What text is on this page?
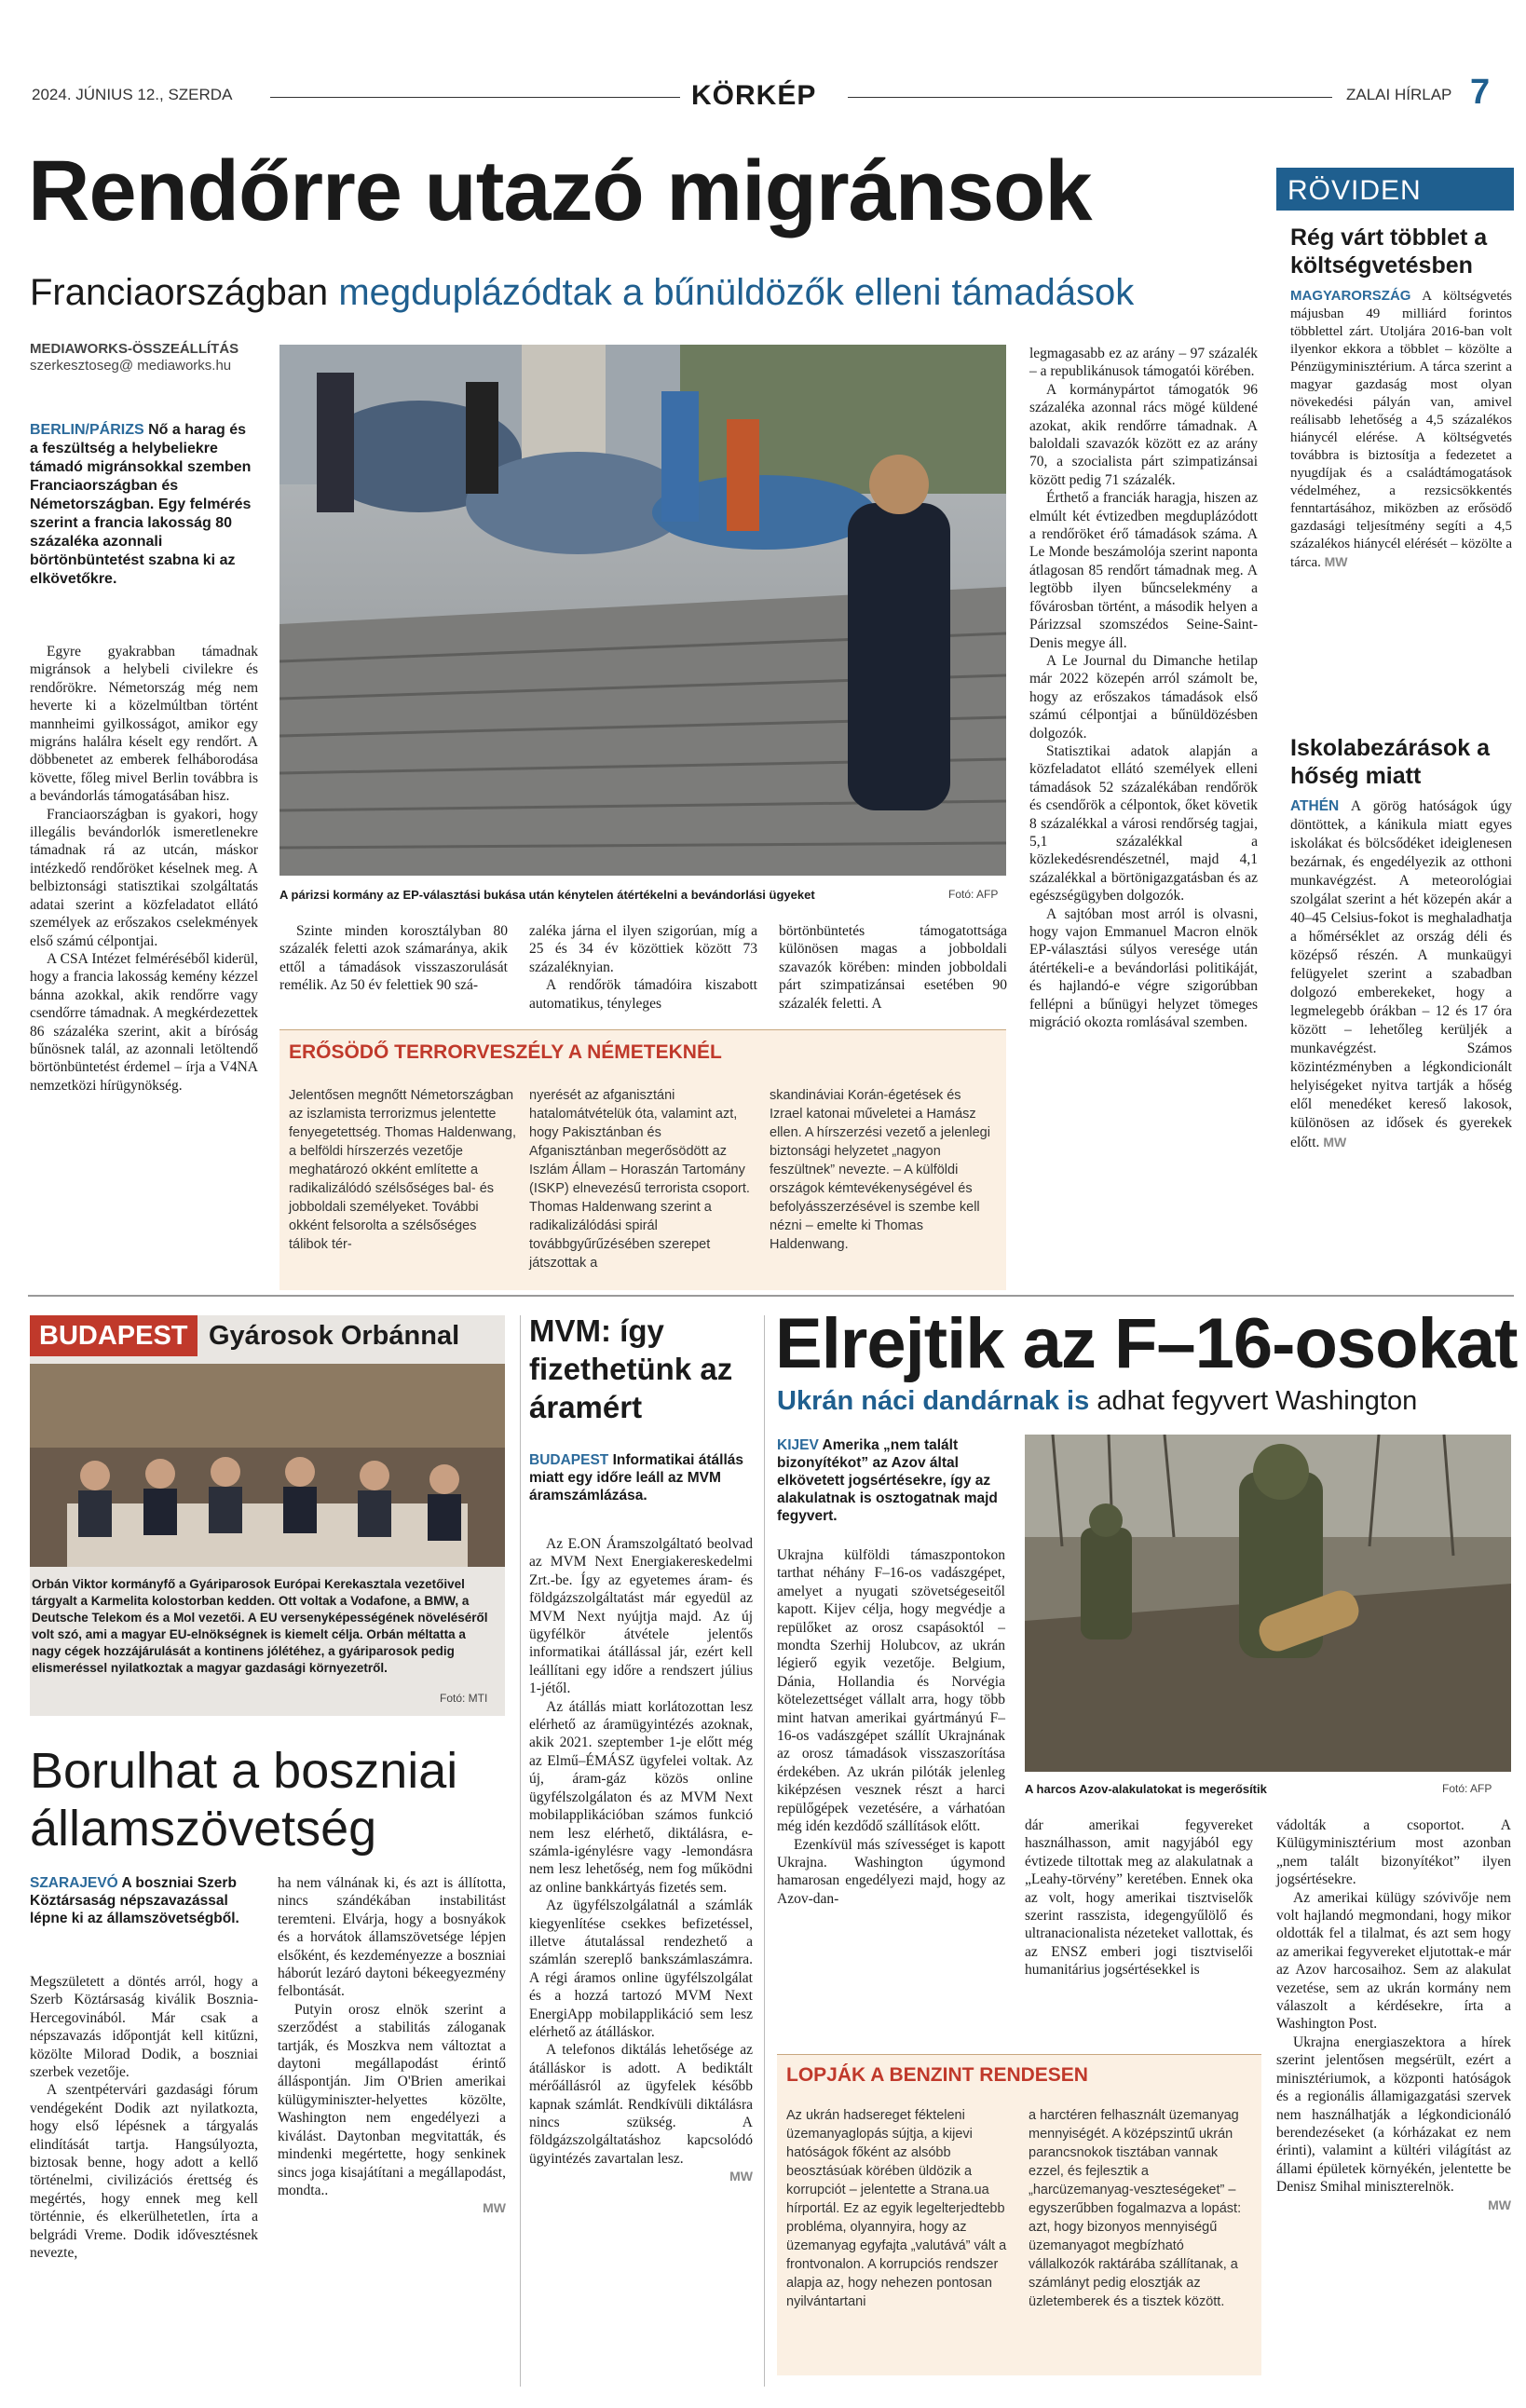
2024. JÚNIUS 12., SZERDA	KÖRKÉP	ZALAI HÍRLAP 7
Rendőrre utazó migránsok
Franciaországban megduplázódtak a bűnüldözők elleni támadások
MEDIAWORKS-ÖSSZEÁLLÍTÁS
szerkesztoseg@ mediaworks.hu
BERLIN/PÁRIZS Nő a harag és a feszültség a helybeliekre támadó migránsokkal szemben Franciaországban és Németországban. Egy felmérés szerint a francia lakosság 80 százaléka azonnali börtönbüntetést szabna ki az elkövetőkre.

Egyre gyakrabban támadnak migránsok a helybeli civilekre és rendőrökre. Németország még nem heverte ki a közelmúltban történt mannheimi gyilkosságot, amikor egy migráns halálra késelt egy rendőrt. A döbbenetet az emberek felháborodása követte, főleg mivel Berlin továbbra is a bevándorlás támogatásában hisz.

Franciaországban is gyakori, hogy illegális bevándorlók ismeretlenekre támadnak rá az utcán, máskor intézkedő rendőröket késelnek meg. A belbiztonsági statisztikai szolgáltatás adatai szerint a közfeladatot ellátó személyek az erőszakos cselekmények első számú célpontjai.

A CSA Intézet felméréséből kiderül, hogy a francia lakosság kemény kézzel bánna azokkal, akik rendőrre vagy csendőrre támadnak. A megkérdezettek 86 százaléka szerint, akit a bíróság bűnösnek talál, az azonnali letöltendő börtönbüntetést érdemel – írja a V4NA nemzetközi hírügynökség.

A párizsi kormány az EP-választási bukása után kénytelen átértékelni a bevándorlási ügyeket	Fotó: AFP

Szinte minden korosztályban 80 százalék feletti azok számaránya, akik ettől a támadások visszaszorulását remélik. Az 50 év felettiek 90 szá-

zaléka járna el ilyen szigorúan, míg a 25 és 34 év közöttiek között 73 százaléknyian.

A rendőrök támadóira kiszabott automatikus, tényleges

börtönbüntetés támogatottsága különösen magas a jobboldali szavazók körében: minden jobboldali párt szimpatizánsai esetében 90 százalék feletti. A

ERŐSÖDŐ TERRORVESZÉLY A NÉMETEKNÉL
Jelentősen megnőtt Németországban az iszlamista terrorizmus jelentette fenyegetettség. Thomas Haldenwang, a belföldi hírszerzés vezetője meghatározó okként említette a radikalizálódó szélsőséges bal- és jobboldali személyeket. További okként felsorolta a szélsőséges tálibok tér-
nyerését az afganisztáni hatalomátvételük óta, valamint azt, hogy Pakisztánban és Afganisztánban megerősödött az Iszlám Állam – Horaszán Tartomány (ISKP) elnevezésű terrorista csoport. Thomas Haldenwang szerint a radikalizálódási spirál továbbgyűrűzésében szerepet játszottak a
skandináviai Korán-égetések és Izrael katonai műveletei a Hamász ellen. A hírszerzési vezető a jelenlegi biztonsági helyzetet „nagyon feszültnek” nevezte. – A külföldi országok kémtevékenységével és befolyásszerzésével is szembe kell nézni – emelte ki Thomas Haldenwang.

legmagasabb ez az arány – 97 százalék – a republikánusok támogatói körében.

A kormánypártot támogatók 96 százaléka azonnal rács mögé küldené azokat, akik rendőrre támadnak. A baloldali szavazók között ez az arány 70, a szocialista párt szimpatizánsai között pedig 71 százalék.

Érthető a franciák haragja, hiszen az elmúlt két évtizedben megduplázódott a rendőröket érő támadások száma. A Le Monde beszámolója szerint naponta átlagosan 85 rendőrt támadnak meg. A legtöbb ilyen bűncselekmény a fővárosban történt, a második helyen a Párizzsal szomszédos Seine-Saint-Denis megye áll.

A Le Journal du Dimanche hetilap már 2022 közepén arról számolt be, hogy az erőszakos támadások első számú célpontjai a bűnüldözésben dolgozók.

Statisztikai adatok alapján a közfeladatot ellátó személyek elleni támadások 52 százalékában rendőrök és csendőrök a célpontok, őket követik 8 százalékkal a városi rendőrség tagjai, 5,1 százalékkal a közlekedésrendészetnél, majd 4,1 százalékkal a börtönigazgatásban és az egészségügyben dolgozók.

A sajtóban most arról is olvasni, hogy vajon Emmanuel Macron elnök EP-választási súlyos vereségе után átértékeli-e a bevándorlási politikáját, és hajlandó-e végre szigorúbban fellépni a bűnügyi helyzet tömeges migráció okozta romlásával szemben.

RÖVIDEN
Rég várt többlet a költségvetésben
MAGYARORSZÁG A költségvetés májusban 49 milliárd forintos többlettel zárt. Utoljára 2016-ban volt ilyenkor ekkora a többlet – közölte a Pénzügyminisztérium. A tárca szerint a magyar gazdaság most olyan növekedési pályán van, amivel reálisabb lehetőség a 4,5 százalékos hiánycél elérése. A költségvetés továbbra is biztosítja a fedezetet a nyugdíjak és a családtámogatások védelméhez, a rezsicsökkentés fenntartásához, miközben az erősödő gazdasági teljesítmény segíti a 4,5 százalékos hiánycél elérését – közölte a tárca. MW
Iskolabezárások a hőség miatt
ATHÉN A görög hatóságok úgy döntöttek, a kánikula miatt egyes iskolákat és bölcsődéket ideiglenesen bezárnak, és engedélyezik az otthoni munkavégzést. A meteorológiai szolgálat szerint a hét közepén akár a 40–45 Celsius-fokot is meghaladhatja a hőmérséklet az ország déli és középső részén. A munkaügyi felügyelet szerint a szabadban dolgozó emberekeket, hogy a legmelegebb órákban – 12 és 17 óra között – lehetőleg kerüljék a munkavégzést. Számos közintézményben a légkondicionált helyiségeket nyitva tartják a hőség elől menedéket kereső lakosok, különösen az idősek és gyerekek előtt. MW
BUDAPEST Gyárosok Orbánnal
Orbán Viktor kormányfő a Gyáriparosok Európai Kerekasztala vezetőivel tárgyalt a Karmelita kolostorban kedden. Ott voltak a Vodafone, a BMW, a Deutsche Telekom és a Mol vezetői. A EU versenyképességének növeléséről volt szó, ami a magyar EU-elnökségnek is kiemelt célja. Orbán méltatta a nagy cégek hozzájárulását a kontinens jólétéhez, a gyáriparosok pedig elismeréssel nyilatkoztak a magyar gazdasági környezetről.
Fotó: MTI
Borulhat a boszniai államszövetség
SZARAJEVÓ A boszniai Szerb Köztársaság népszavazással lépne ki az államszövetségből.

Megszületett a döntés arról, hogy a Szerb Köztársaság kiválik Bosznia-Hercegovinából. Már csak a népszavazás időpontját kell kitűzni, közölte Milorad Dodik, a boszniai szerbek vezetője.

A szentpétervári gazdasági fórum vendégeként Dodik azt nyilatkozta, hogy első lépésnek a tárgyalás elindítását tartja. Hangsúlyozta, biztosak benne, hogy adott a kellő történelmi, civilizációs érettség és megértés, hogy ennek meg kell történnie, és elkerülhetetlen, írta a belgrádi Vreme. Dodik idővesztésnek nevezte,

ha nem válnának ki, és azt is állította, nincs szándékában instabilitást teremteni. Elvárja, hogy a bosnyákok és a horvátok államszövetsége lépjen elsőként, és kezdeményezze a boszniai háborút lezáró daytoni békeegyezmény felbontását.

Putyin orosz elnök szerint a szerződést a stabilitás záloganak tartják, és Moszkva nem változtat a daytoni megállapodást érintő álláspontján. Jim O'Brien amerikai külügyminiszter-helyettes közölte, Washington nem engedélyezi a kiválást. Daytonban megvitatták, és mindenki megértette, hogy senkinek sincs joga kisajátítani a megállapodást, mondta..

MW
MVM: így fizethetünk az áramért
BUDAPEST Informatikai átállás miatt egy időre leáll az MVM áramszámlázása.

Az E.ON Áramszolgáltató beolvad az MVM Next Energiakereskedelmi Zrt.-be. Így az egyetemes áram- és földgázszolgáltatást már egyedül az MVM Next nyújtja majd. Az új ügyfélkör átvétele jelentős informatikai átállással jár, ezért kell leállítani egy időre a rendszert július 1-jétől.

Az átállás miatt korlátozottan lesz elérhető az áramügyintézés azoknak, akik 2021. szeptember 1-je előtt még az Elmű–ÉMÁSZ ügyfelei voltak. Az új, áram-gáz közös online ügyfélszolgálaton és az MVM Next mobilapplikációban számos funkció nem lesz elérhető, diktálásra, e-számla-igénylésre vagy -lemondásra nem lesz lehetőség, nem fog működni az online bankkártyás fizetés sem.

Az ügyfélszolgálatnál a számlák kiegyenlítése csekkes befizetéssel, illetve átutalással rendezhető a számlán szereplő bankszámlaszámra. A régi áramos online ügyfélszolgálat és a hozzá tartozó MVM Next EnergiApp mobilapplikáció sem lesz elérhető az átálláskor.

A telefonos diktálás lehetősége az átálláskor is adott. A bediktált mérőállásról az ügyfelek később kapnak számlát. Rendkívüli diktálásra nincs szükség. A földgázszolgáltatáshoz kapcsolódó ügyintézés zavartalan lesz.

MW
Elrejtik az F–16-osokat
Ukrán náci dandárnak is adhat fegyvert Washington
KIJEV Amerika „nem talált bizonyítékot” az Azov által elkövetett jogsértésekre, így az alakulatnak is osztogatnak majd fegyvert.

Ukrajna külföldi támaszpontokon tarthat néhány F–16-os vadászgépet, amelyet a nyugati szövetségeseitől kapott. Kijev célja, hogy megvédje a repülőket az orosz csapásoktól – mondta Szerhij Holubcov, az ukrán légierő egyik vezetője. Belgium, Dánia, Hollandia és Norvégia kötelezettséget vállalt arra, hogy több mint hatvan amerikai gyártmányú F–16-os vadászgépet szállít Ukrajnának az orosz támadások visszaszorítása érdekében. Az ukrán pilóták jelenleg kiképzésen vesznek részt a harci repülőgépek vezetésére, a várhatóan még idén kezdődő szállítások előtt.

Ezenkívül más szívességet is kapott Ukrajna. Washington úgymond hamarosan engedélyezi majd, hogy az Azov-dan-

A harcos Azov-alakulatokat is megerősítik	Fotó: AFP

dár amerikai fegyvereket használhasson, amit nagyjából egy évtizede tiltottak meg az alakulatnak a „Leahy-törvény” keretében. Ennek oka az volt, hogy amerikai tisztviselők szerint rasszista, idegengyűlölő és ultranacionalista nézeteket vallottak, és az ENSZ emberi jogi tisztviselői humanitárius jogsértésekkel is

vádolták a csoportot. A Külügyminisztérium most azonban „nem talált bizonyítékot” ilyen jogsértésekre.

Az amerikai külügy szóvivője nem volt hajlandó megmondani, hogy mikor oldották fel a tilalmat, és azt sem hogy az amerikai fegyvereket eljutottak-e már az Azov harcosaihoz. Sem az alakulat vezetése, sem az ukrán kormány nem válaszolt a kérdésekre, írta a Washington Post.

Ukrajna energiaszektora a hírek szerint jelentősen megsérült, ezért a minisztériumok, a központi hatóságok és a regionális államigazgatási szervek nem használhatják a légkondicionáló berendezéseket (a kórházakat ez nem érinti), valamint a kültéri világítást az állami épületek környékén, jelentette be Denisz Smihal miniszterelnök.

MW
LOPJÁK A BENZINT RENDESEN
Az ukrán hadsereget fékteleni üzemanyaglopás sújtja, a kijevi hatóságok főként az alsóbb beosztásúak körében üldözik a korrupciót – jelentette a Strana.ua hírportál. Ez az egyik legelterjedtebb probléma, olyannyira, hogy az üzemanyag egyfajta „valutává” vált a frontvonalon. A korrupciós rendszer alapja az, hogy nehezen pontosan nyilvántartani
a harctéren felhasznált üzemanyag mennyiségét. A középszintű ukrán parancsnokok tisztában vannak ezzel, és fejlesztik a „harcüzemanyag-veszteségeket” – egyszerűbben fogalmazva a lopást: azt, hogy bizonyos mennyiségű üzemanyagot megbízható vállalkozók raktárába szállítanak, a számlányt pedig elosztják az üzletemberek és a tisztek között.
